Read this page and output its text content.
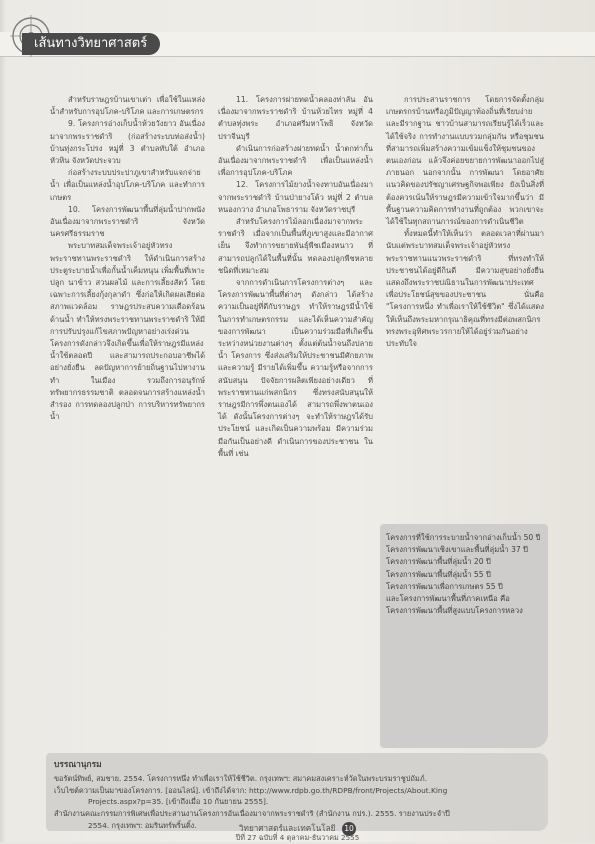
เส้นทางวิทยาศาสตร์

สำหรับราษฎรบ้านเขาเต่า เพื่อใช้ในแหล่งน้ำสำหรับการอุปโภค-บริโภค และการเกษตรกร

9. โครงการอ่างเก็บน้ำห้วยวังยาว อันเนื่องมาจากพระราชดำริ (ก่อสร้างระบบท่อส่งน้ำ) บ้านทุ่งกระโปรง หมู่ที่ 3 ตำบลทับใต้ อำเภอหัวหิน จังหวัดประจวบ

ก่อสร้างระบบประปาภูเขาสำหรับแจกจ่ายน้ำ เพื่อเป็นแหล่งน้ำอุปโภค-บริโภค และทำการเกษตร

10. โครงการพัฒนาพื้นที่ลุ่มน้ำปากพนัง อันเนื่องมาจากพระราชดำริ จังหวัดนครศรีธรรมราช

พระบาทสมเด็จพระเจ้าอยู่หัวทรงพระราชทานพระราชดำริ ให้ดำเนินการสร้างประตูระบายน้ำเพื่อกั้นน้ำเค็มหนุน เพิ่มพื้นที่เพาะปลูก นาข้าว สวนผลไม้ และการเลี้ยงสัตว์ โดยเฉพาะการเลี้ยงกุ้งกุลาดำ ซึ่งก่อให้เกิดผลเสียต่อสภาพแวดล้อม ราษฎรประสบความเดือดร้อนด้านน้ำ ทำให้ทรงพระราชทานพระราชดำริ ให้มีการปรับปรุงแก้ไขสภาพปัญหาอย่างเร่งด่วน โครงการดังกล่าวจึงเกิดขึ้นเพื่อให้ราษฎรมีแหล่งน้ำใช้ตลอดปี และสามารถประกอบอาชีพได้อย่างยั่งยืน ลดปัญหาการย้ายถิ่นฐานไปหางานทำ ในเมือง รวมถึงการอนุรักษ์ทรัพยากรธรรมชาติ ตลอดจนการสร้างแหล่งน้ำสำรอง การทดลองปลูกป่า การบริหารทรัพยากรน้ำ

11. โครงการฝายทดน้ำคลองท่าลัน อันเนื่องมาจากพระราชดำริ บ้านห้วยไทร หมู่ที่ 4 ตำบลทุ่งพระ อำเภอศรีมหาโพธิ จังหวัดปราจีนบุรี

ดำเนินการก่อสร้างฝายทดน้ำ น้ำตกท่ากั้น อันเนื่องมาจากพระราชดำริ เพื่อเป็นแหล่งน้ำเพื่อการอุปโภค-บริโภค

12. โครงการไม้ยางน้ำจงทาบอันเนื่องมาจากพระราชดำริ บ้านป่ายางโต้ว หมู่ที่ 2 ตำบลหนองกวาง อำเภอโพธาราม จังหวัดราชบุรี

สำหรับโครงการไม้ลอกเนื่องมาจากพระราชดำริ เมื่อจากเป็นพื้นที่ภูเขาสูงและมีอากาศเย็น จึงทำการขยายพันธุ์พืชเมืองหนาว ที่สามารถปลูกได้ในพื้นที่นั้น ทดลองปลูกพืชหลายชนิดที่เหมาะสม

จากการดำเนินการโครงการต่างๆ และโครงการพัฒนาพื้นที่ต่างๆ ดังกล่าว ได้สร้างความเป็นอยู่ที่ดีกับราษฎร ทำให้ราษฎรมีน้ำใช้ในการทำเกษตรกรรม และได้เห็นความสำคัญของการพัฒนา เป็นความร่วมมือที่เกิดขึ้นระหว่างหน่วยงานต่างๆ ตั้งแต่ต้นน้ำจนถึงปลายน้ำ โครงการ ซึ่งส่งเสริมให้ประชาชนมีศักยภาพ และความรู้ มีรายได้เพิ่มขึ้น ความรู้หรือจากการสนับสนุน ปัจจัยการผลิตเพียงอย่างเดียว ที่พระราชทานแก่พสกนิกร ซึ่งทรงสนับสนุนให้ราษฎรมีการพึ่งตนเองได้ สามารถพึ่งพาตนเองได้ ดังนั้นโครงการต่างๆ จะทำให้ราษฎรได้รับประโยชน์ และเกิดเป็นความพร้อม มีความร่วมมือกันเป็นอย่างดี ดำเนินการของประชาชน ในพื้นที่ เช่น

การประสานราชการ โดยการจัดตั้งกลุ่มเกษตรกรบ้านหรือภูมิปัญญาท้องถิ่นที่เรียบง่ายและมีรากฐาน ชาวบ้านสามารถเรียนรู้ได้เร็วและได้ใช้จริง การทำงานแบบรวมกลุ่มกัน หรือชุมชนที่สามารถเพิ่มสร้างความเข้มแข็งให้ชุมชนของตนเองก่อน แล้วจึงค่อยขยายการพัฒนาออกไปสู่ภายนอก นอกจากนั้น การพัฒนา โดยอาศัยแนวคิดของปรัชญาเศรษฐกิจพอเพียง ยังเป็นสิ่งที่ต้องควรเน้นให้ราษฎรมีความเข้าใจมากขึ้นว่า มีพื้นฐานความคิดการทำงานที่ถูกต้อง พวกเขาจะได้ใช้ในทุกสถานการณ์ของการดำเนินชีวิต

ทั้งหมดนี้ทำให้เห็นว่า ตลอดเวลาที่ผ่านมานับแต่พระบาทสมเด็จพระเจ้าอยู่หัวทรงพระราชทานแนวพระราชดำริ ที่ทรงทำให้ประชาชนได้อยู่ดีกินดี มีความสุขอย่างยั่งยืน แสดงถึงพระราชปณิธานในการพัฒนาประเทศ เพื่อประโยชน์สุขของประชาชน นั่นคือ "โครงการหนึ่ง ทำเพื่อเราให้ใช้ชีวิต" ซึ่งได้แสดงให้เห็นถึงพระมหากรุณาธิคุณที่ทรงมีต่อพสกนิกร ทรงพระอุทิศพระวรกายให้ได้อยู่ร่วมกันอย่างประทับใจ

โครงการที่ใช้การระบายน้ำจากอ่างเก็บน้ำ 50 ปี
โครงการพัฒนาเชิงเขาและพื้นที่ลุ่มน้ำ 37 ปี
โครงการพัฒนาพื้นที่ลุ่มน้ำ 20 ปี
โครงการพัฒนาพื้นที่ลุ่มน้ำ 55 ปี
โครงการพัฒนาเพื่อการเกษตร 55 ปี
และโครงการพัฒนาพื้นที่ภาคเหนือ คือ โครงการพัฒนาพื้นที่สูงแบบโครงการหลวง
บรรณานุกรม
ขอรัตน์ทิพย์, สมชาย. 2554. โครงการหนึ่ง ทำเพื่อเราให้ใช้ชีวิต. กรุงเทพฯ: สมาคมสงเคราะห์วัดในพระบรมราชูปถัมภ์.
เว็บไซต์ความเป็นมาของโครงการ. [ออนไลน์]. เข้าถึงได้จาก: http://www.rdpb.go.th/RDPB/front/Projects/About.King
Projects.aspx?p=35. [เข้าถึงเมื่อ 10 กันยายน 2555].
สำนักงานคณะกรรมการพิเศษเพื่อประสานงานโครงการอันเนื่องมาจากพระราชดำริ (สำนักงาน กปร.). 2555. รายงานประจำปี
2554. กรุงเทพฯ: อมรินทร์พริ้นติ้ง.	วิทยาศาสตร์และเทคโนโลยี 10
ปีที่ 27 ฉบับที่ 4 ตุลาคม-ธันวาคม 2555
